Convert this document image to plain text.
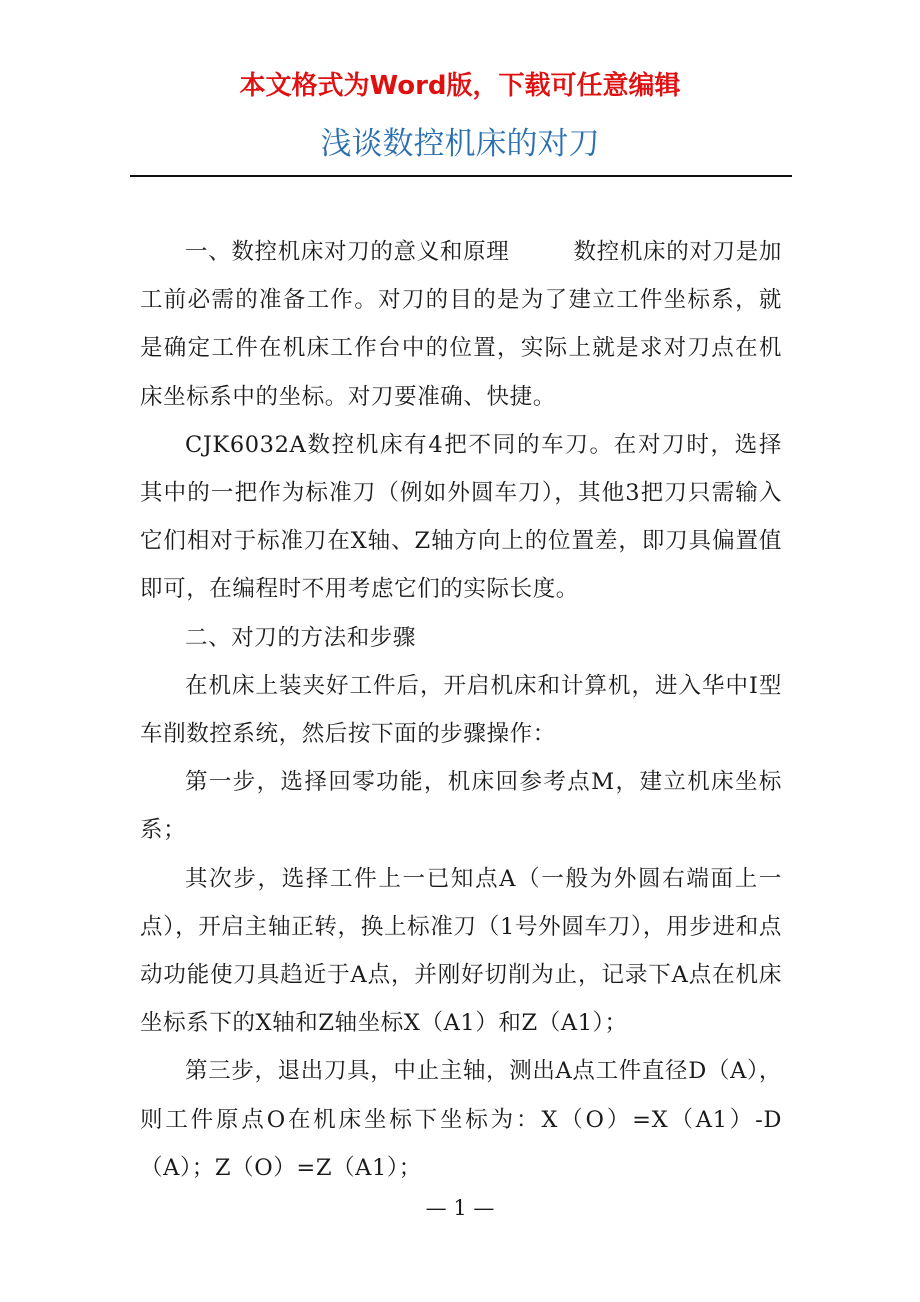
本文格式为Word版，下载可任意编辑
浅谈数控机床的对刀

一、数控机床对刀的意义和原理	数控机床的对刀是加工前必需的准备工作。对刀的目的是为了建立工件坐标系，就是确定工件在机床工作台中的位置，实际上就是求对刀点在机床坐标系中的坐标。对刀要准确、快捷。

CJK6032A数控机床有4把不同的车刀。在对刀时，选择其中的一把作为标准刀（例如外圆车刀），其他3把刀只需输入它们相对于标准刀在X轴、Z轴方向上的位置差，即刀具偏置值即可，在编程时不用考虑它们的实际长度。

二、对刀的方法和步骤

在机床上装夹好工件后，开启机床和计算机，进入华中I型车削数控系统，然后按下面的步骤操作：

第一步，选择回零功能，机床回参考点M，建立机床坐标系；

其次步，选择工件上一已知点A（一般为外圆右端面上一点），开启主轴正转，换上标准刀（1号外圆车刀），用步进和点动功能使刀具趋近于A点，并刚好切削为止，记录下A点在机床坐标系下的X轴和Z轴坐标X（A1）和Z（A1）；

第三步，退出刀具，中止主轴，测出A点工件直径D（A），则工件原点O在机床坐标下坐标为：X（O）=X（A1）-D（A）；Z（O）=Z（A1）；

— 1 —
